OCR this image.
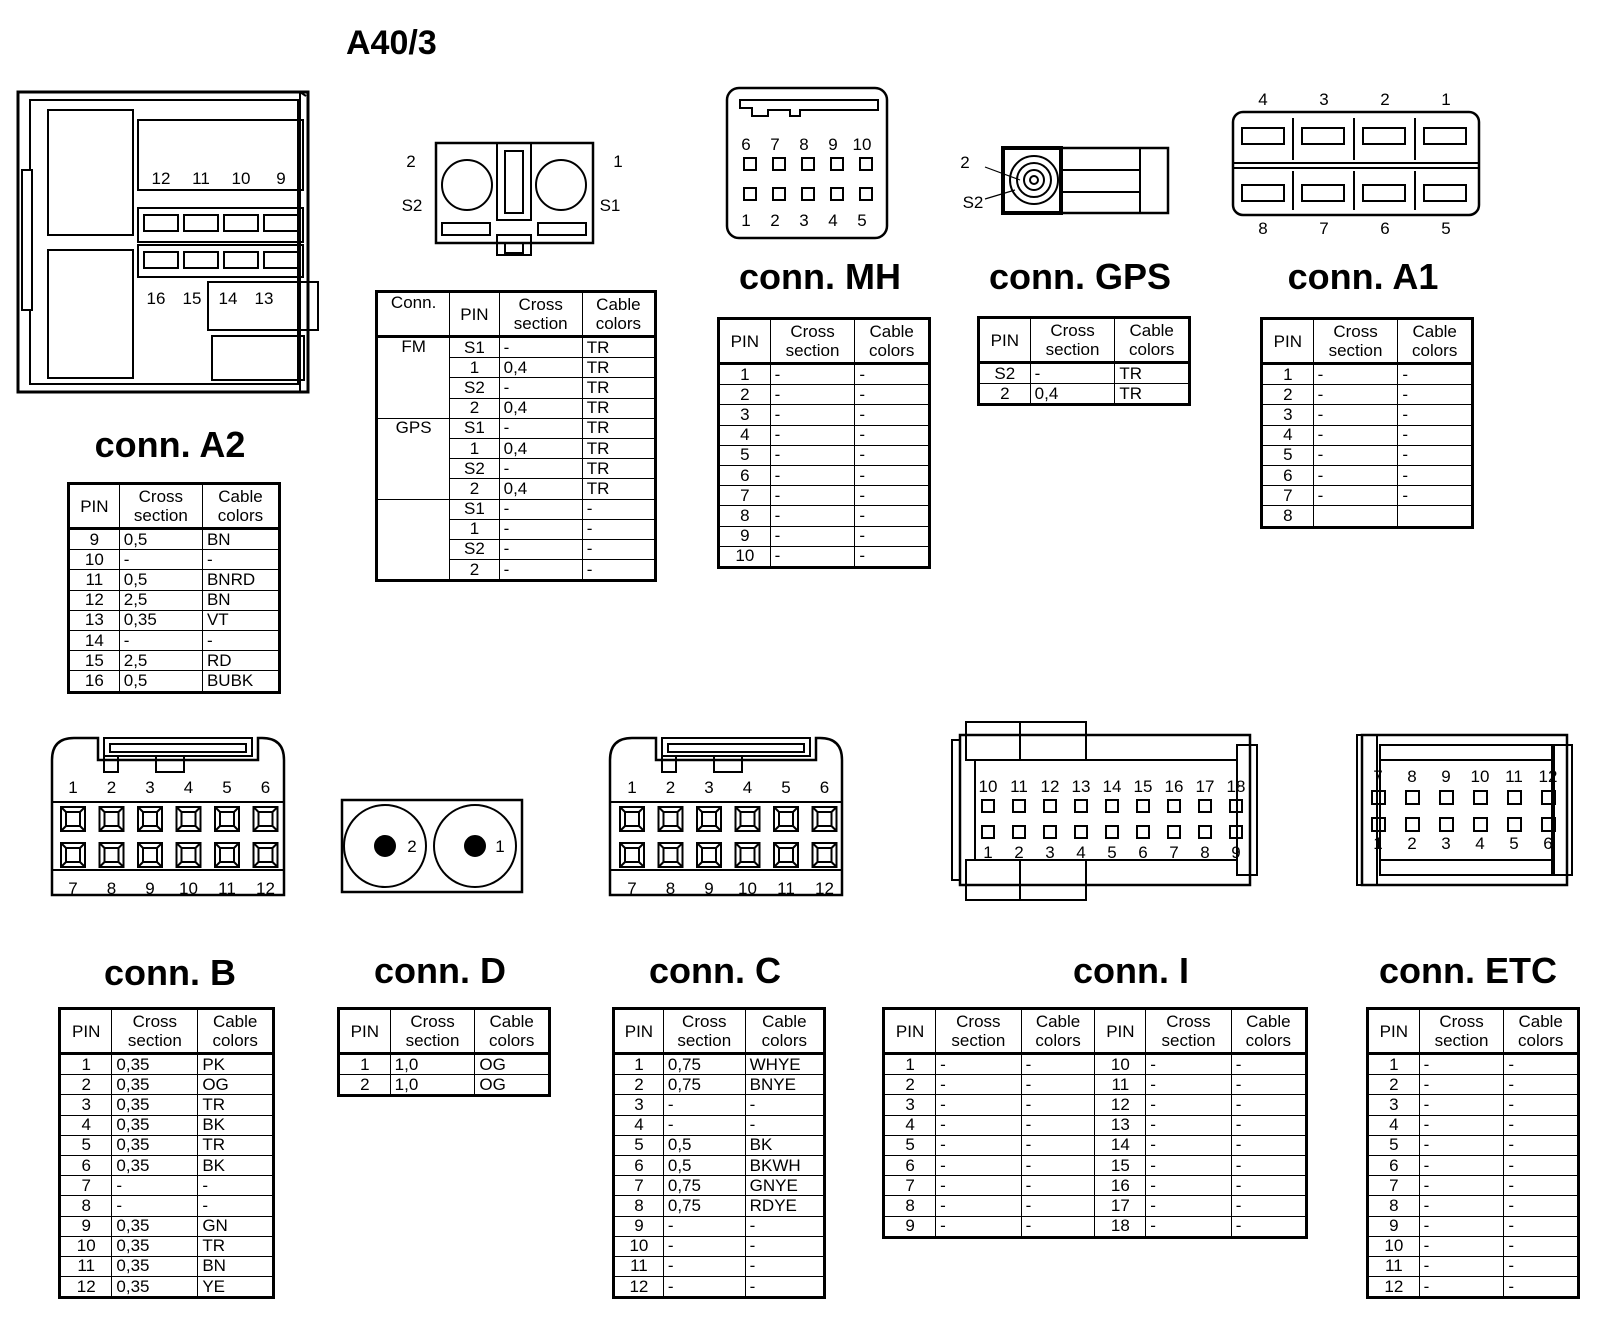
A40/3
12 11 10 9
16 15 14 13
2
S2
1
S1
6 7 8 9 10
1 2 3 4 5
2
S2
4	3	2	1
8	7	6	5
1 2 3 4 5 6
7 8 9 10 11 12
2	1
1 2 3 4 5 6
7 8 9 10 11 12
10 11 12 13 14 15 16 17 18
1 2 3 4 5 6 7 8 9
7 8 9 10 11 12
1 2 3 4 5 6
conn. A2
conn. MH conn. GPS	conn. A1
conn. B	conn. D	conn. C	conn. I	conn. ETC
Conn.	PIN	Cross
section	Cable
colors
FM	S1	-	TR
	1	0,4	TR
	S2	-	TR
	2	0,4	TR
GPS	S1	-	TR
	1	0,4	TR
	S2	-	TR
	2	0,4	TR
	S1	-	-
	1	-	-
	S2	-	-
	2	-	-
PIN	Cross
section	Cable
colors
9	0,5	BN
10	-	-
11	0,5	BNRD
12	2,5	BN
13	0,35	VT
14	-	-
15	2,5	RD
16	0,5	BUBK
PIN	Cross
section	Cable
colors
1	-	-
2	-	-
3	-	-
4	-	-
5	-	-
6	-	-
7	-	-
8	-	-
9	-	-
10	-	-
PIN	Cross
section	Cable
colors
S2	-	TR
2	0,4	TR
PIN	Cross
section	Cable
colors
1	-	-
2	-	-
3	-	-
4	-	-
5	-	-
6	-	-
7	-	-
8		
PIN	Cross
section	Cable
colors
1	0,35	PK
2	0,35	OG
3	0,35	TR
4	0,35	BK
5	0,35	TR
6	0,35	BK
7	-	-
8	-	-
9	0,35	GN
10	0,35	TR
11	0,35	BN
12	0,35	YE
PIN	Cross
section	Cable
colors
1	1,0	OG
2	1,0	OG
PIN	Cross
section	Cable
colors
1	0,75	WHYE
2	0,75	BNYE
3	-	-
4	-	-
5	0,5	BK
6	0,5	BKWH
7	0,75	GNYE
8	0,75	RDYE
9	-	-
10	-	-
11	-	-
12	-	-
PIN	Cross
section	Cable
colors	PIN	Cross
section	Cable
colors
1	-	-	10	-	-
2	-	-	11	-	-
3	-	-	12	-	-
4	-	-	13	-	-
5	-	-	14	-	-
6	-	-	15	-	-
7	-	-	16	-	-
8	-	-	17	-	-
9	-	-	18	-	-
PIN	Cross
section	Cable
colors
1	-	-
2	-	-
3	-	-
4	-	-
5	-	-
6	-	-
7	-	-
8	-	-
9	-	-
10	-	-
11	-	-
12	-	-
